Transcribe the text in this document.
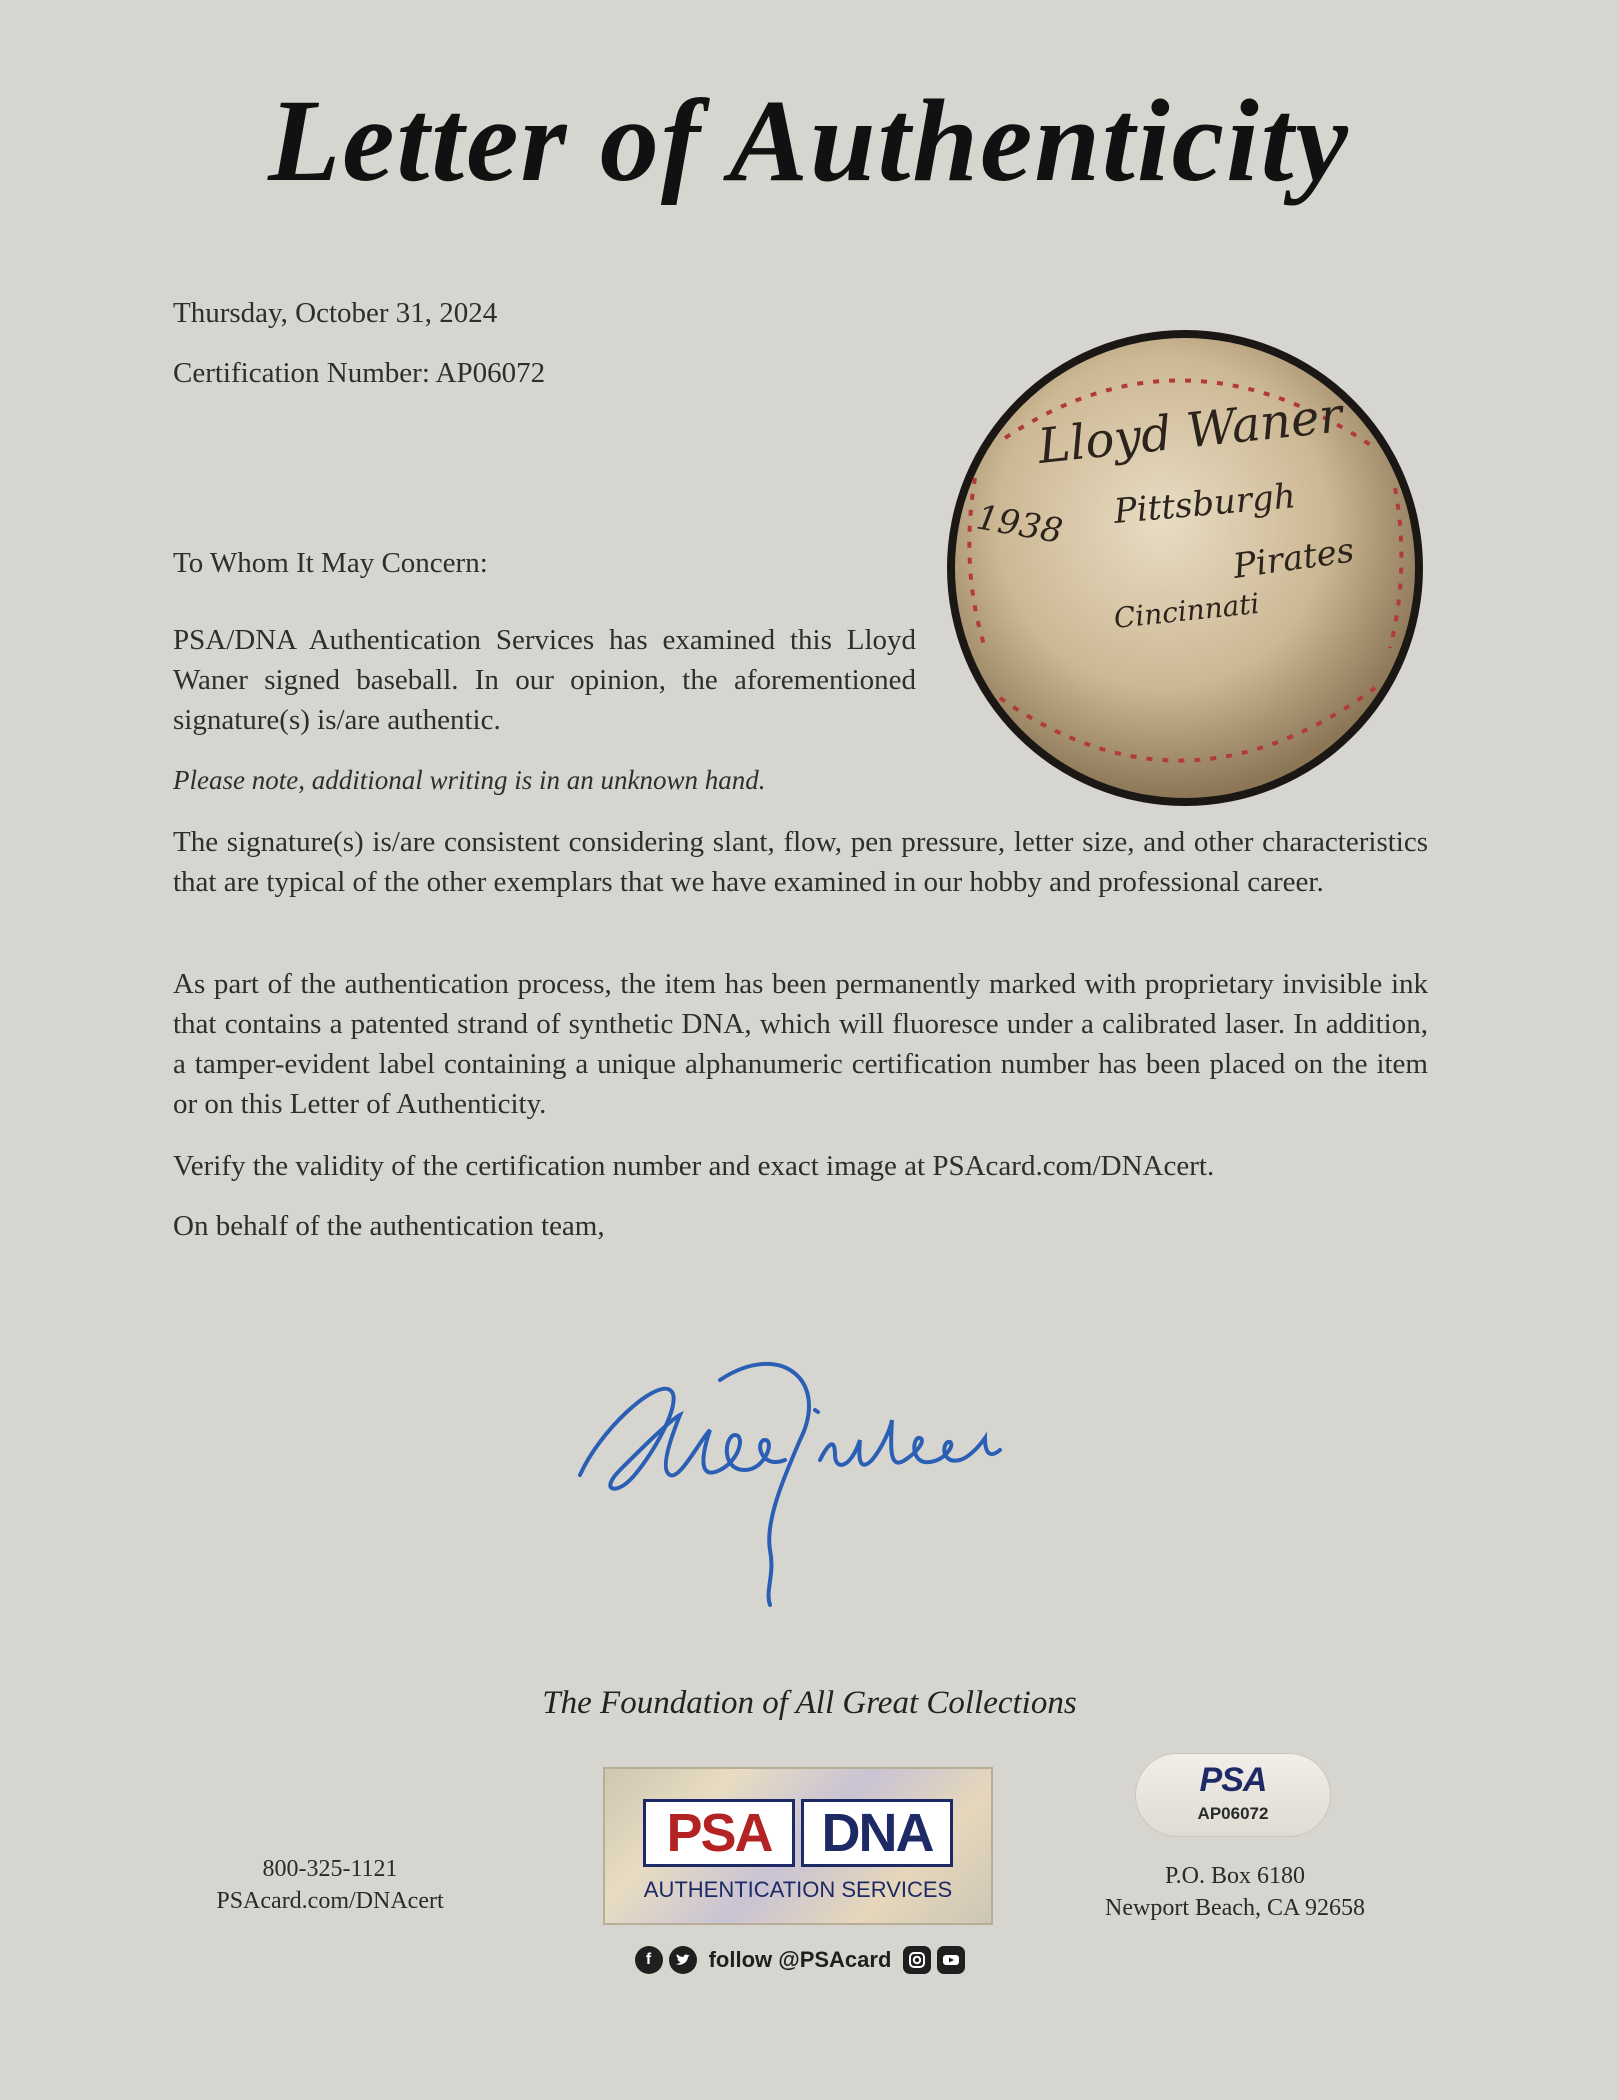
Letter of Authenticity
Thursday, October 31, 2024
Certification Number: AP06072
Lloyd Waner
Pittsburgh
Pirates
1938
Cincinnati
To Whom It May Concern:
PSA/DNA Authentication Services has examined this Lloyd Waner signed baseball. In our opinion, the aforementioned signature(s) is/are authentic.
Please note, additional writing is in an unknown hand.
The signature(s) is/are consistent considering slant, flow, pen pressure, letter size, and other characteristics that are typical of the other exemplars that we have examined in our hobby and professional career.
As part of the authentication process, the item has been permanently marked with proprietary invisible ink that contains a patented strand of synthetic DNA, which will fluoresce under a calibrated laser. In addition, a tamper-evident label containing a unique alphanumeric certification number has been placed on the item or on this Letter of Authenticity.
Verify the validity of the certification number and exact image at PSAcard.com/DNAcert.
On behalf of the authentication team,
The Foundation of All Great Collections
800-325-1121
PSAcard.com/DNAcert
PSA DNA
AUTHENTICATION SERVICES
f	follow @PSAcard
PSA
AP06072
P.O. Box 6180
Newport Beach, CA 92658
